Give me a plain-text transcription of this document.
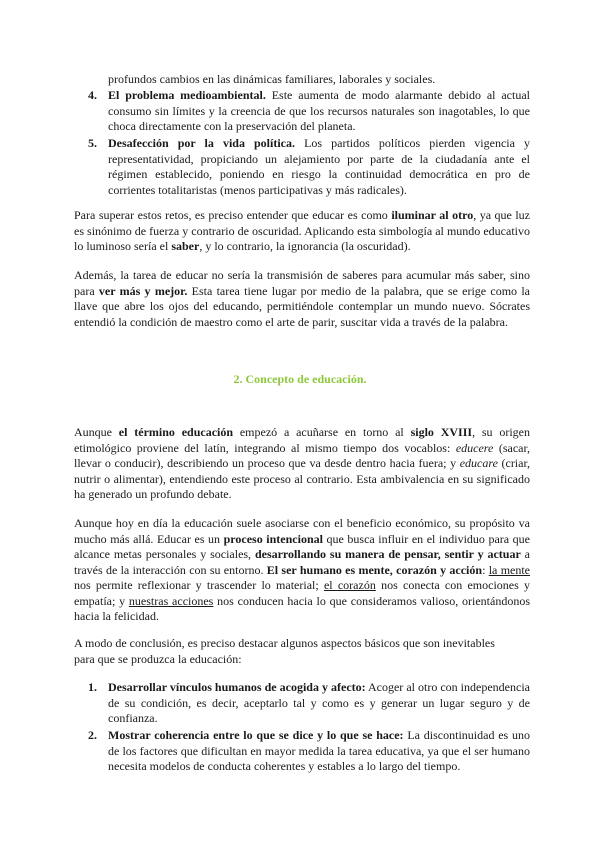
profundos cambios en las dinámicas familiares, laborales y sociales.

4. El problema medioambiental. Este aumenta de modo alarmante debido al actual consumo sin límites y la creencia de que los recursos naturales son inagotables, lo que choca directamente con la preservación del planeta.

5. Desafección por la vida política. Los partidos políticos pierden vigencia y representatividad, propiciando un alejamiento por parte de la ciudadanía ante el régimen establecido, poniendo en riesgo la continuidad democrática en pro de corrientes totalitaristas (menos participativas y más radicales).

Para superar estos retos, es preciso entender que educar es como iluminar al otro, ya que luz es sinónimo de fuerza y contrario de oscuridad. Aplicando esta simbología al mundo educativo lo luminoso sería el saber, y lo contrario, la ignorancia (la oscuridad).

Además, la tarea de educar no sería la transmisión de saberes para acumular más saber, sino para ver más y mejor. Esta tarea tiene lugar por medio de la palabra, que se erige como la llave que abre los ojos del educando, permitiéndole contemplar un mundo nuevo. Sócrates entendió la condición de maestro como el arte de parir, suscitar vida a través de la palabra.

2. Concepto de educación.

Aunque el término educación empezó a acuñarse en torno al siglo XVIII, su origen etimológico proviene del latín, integrando al mismo tiempo dos vocablos: educere (sacar, llevar o conducir), describiendo un proceso que va desde dentro hacia fuera; y educare (criar, nutrir o alimentar), entendiendo este proceso al contrario. Esta ambivalencia en su significado ha generado un profundo debate.

Aunque hoy en día la educación suele asociarse con el beneficio económico, su propósito va mucho más allá. Educar es un proceso intencional que busca influir en el individuo para que alcance metas personales y sociales, desarrollando su manera de pensar, sentir y actuar a través de la interacción con su entorno. El ser humano es mente, corazón y acción: la mente nos permite reflexionar y trascender lo material; el corazón nos conecta con emociones y empatía; y nuestras acciones nos conducen hacia lo que consideramos valioso, orientándonos hacia la felicidad.

A modo de conclusión, es preciso destacar algunos aspectos básicos que son inevitables para que se produzca la educación:

1. Desarrollar vínculos humanos de acogida y afecto: Acoger al otro con independencia de su condición, es decir, aceptarlo tal y como es y generar un lugar seguro y de confianza.

2. Mostrar coherencia entre lo que se dice y lo que se hace: La discontinuidad es uno de los factores que dificultan en mayor medida la tarea educativa, ya que el ser humano necesita modelos de conducta coherentes y estables a lo largo del tiempo.
